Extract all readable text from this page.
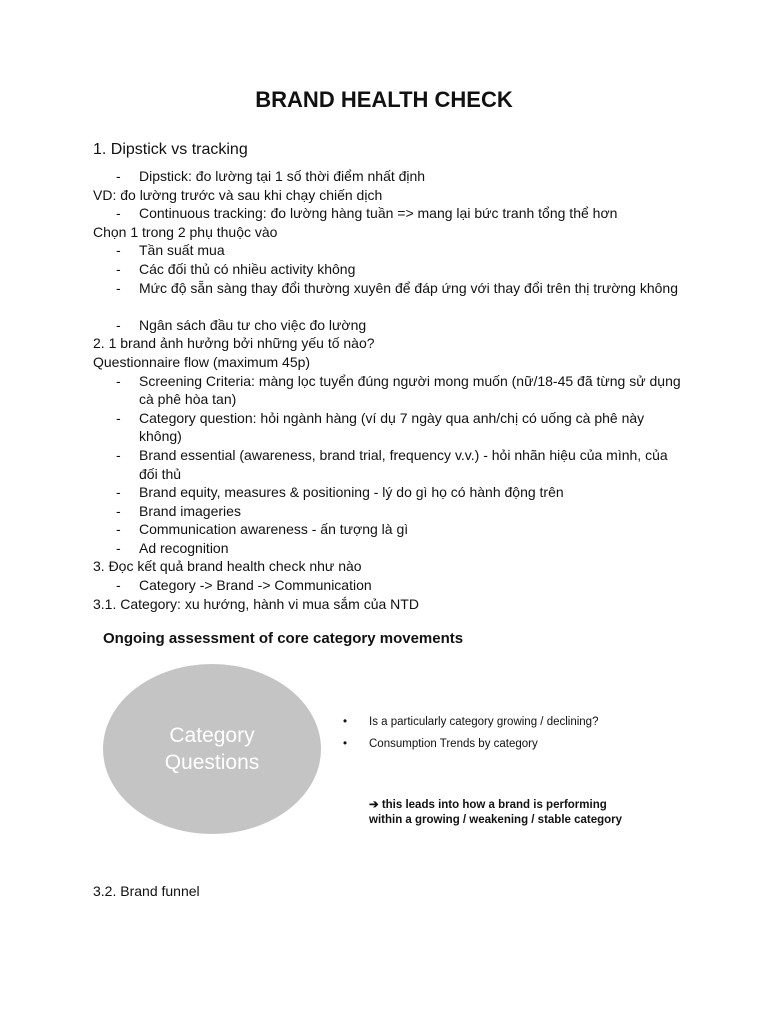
BRAND HEALTH CHECK
1. Dipstick vs tracking
- Dipstick: đo lường tại 1 số thời điểm nhất định
VD: đo lường trước và sau khi chạy chiến dịch
- Continuous tracking: đo lường hàng tuần => mang lại bức tranh tổng thể hơn
Chọn 1 trong 2 phụ thuộc vào
- Tần suất mua
- Các đối thủ có nhiều activity không
- Mức độ sẵn sàng thay đổi thường xuyên để đáp ứng với thay đổi trên thị trường không
- Ngân sách đầu tư cho việc đo lường
2. 1 brand ảnh hưởng bởi những yếu tố nào?
Questionnaire flow (maximum 45p)
- Screening Criteria: màng lọc tuyển đúng người mong muốn (nữ/18-45 đã từng sử dụng cà phê hòa tan)
- Category question: hỏi ngành hàng (ví dụ 7 ngày qua anh/chị có uống cà phê này không)
- Brand essential (awareness, brand trial, frequency v.v.) - hỏi nhãn hiệu của mình, của đối thủ
- Brand equity, measures & positioning - lý do gì họ có hành động trên
- Brand imageries
- Communication awareness - ấn tượng là gì
- Ad recognition
3. Đọc kết quả brand health check như nào
- Category -> Brand -> Communication
3.1. Category: xu hướng, hành vi mua sắm của NTD
Ongoing assessment of core category movements
Category
Questions
• Is a particularly category growing / declining?
• Consumption Trends by category
➔ this leads into how a brand is performing
within a growing / weakening / stable category
3.2. Brand funnel
